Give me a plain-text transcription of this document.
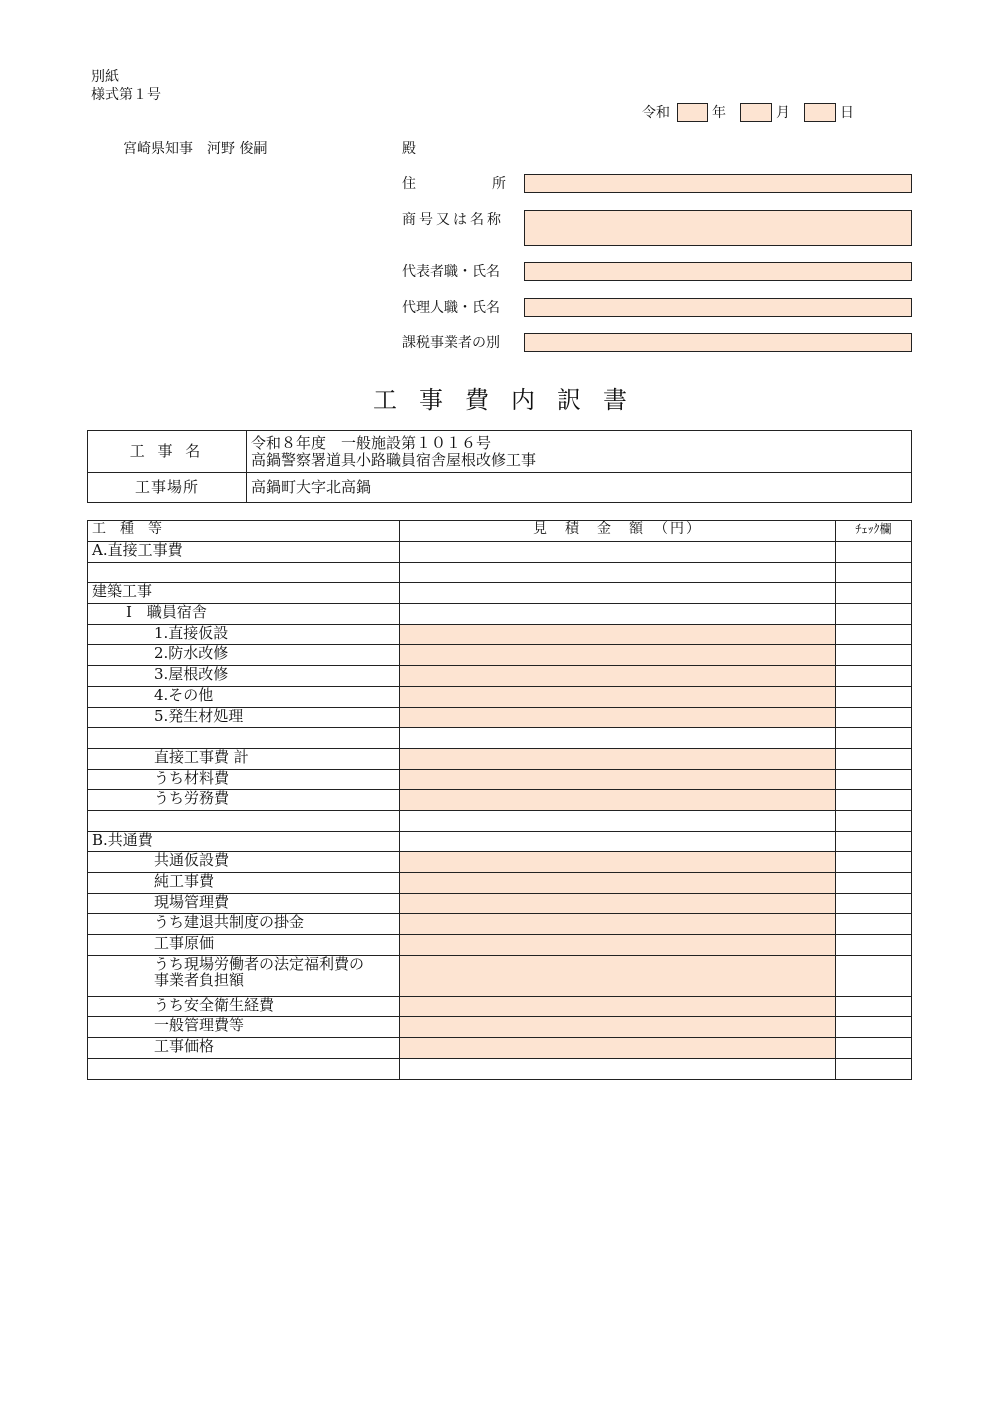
別紙
様式第１号
令和	年	月	日
宮崎県知事　河野 俊嗣	殿
住　　　　　所
商号又は名称
代表者職・氏名
代理人職・氏名
課税事業者の別
工事費内訳書
工 事 名	令和８年度　一般施設第１０１６号
高鍋警察署道具小路職員宿舎屋根改修工事

工事場所	高鍋町大字北高鍋
工　種　等	見　積　金　額　（円）	ﾁｪｯｸ欄

A.直接工事費		

建築工事		

Ⅰ　職員宿舎		

1.直接仮設		

2.防水改修		

3.屋根改修		

4.その他		

5.発生材処理		

直接工事費 計		

うち材料費		

うち労務費		

B.共通費		

共通仮設費		

純工事費		

現場管理費		

うち建退共制度の掛金		

工事原価		

うち現場労働者の法定福利費の
事業者負担額		

うち安全衛生経費		

一般管理費等		

工事価格		
